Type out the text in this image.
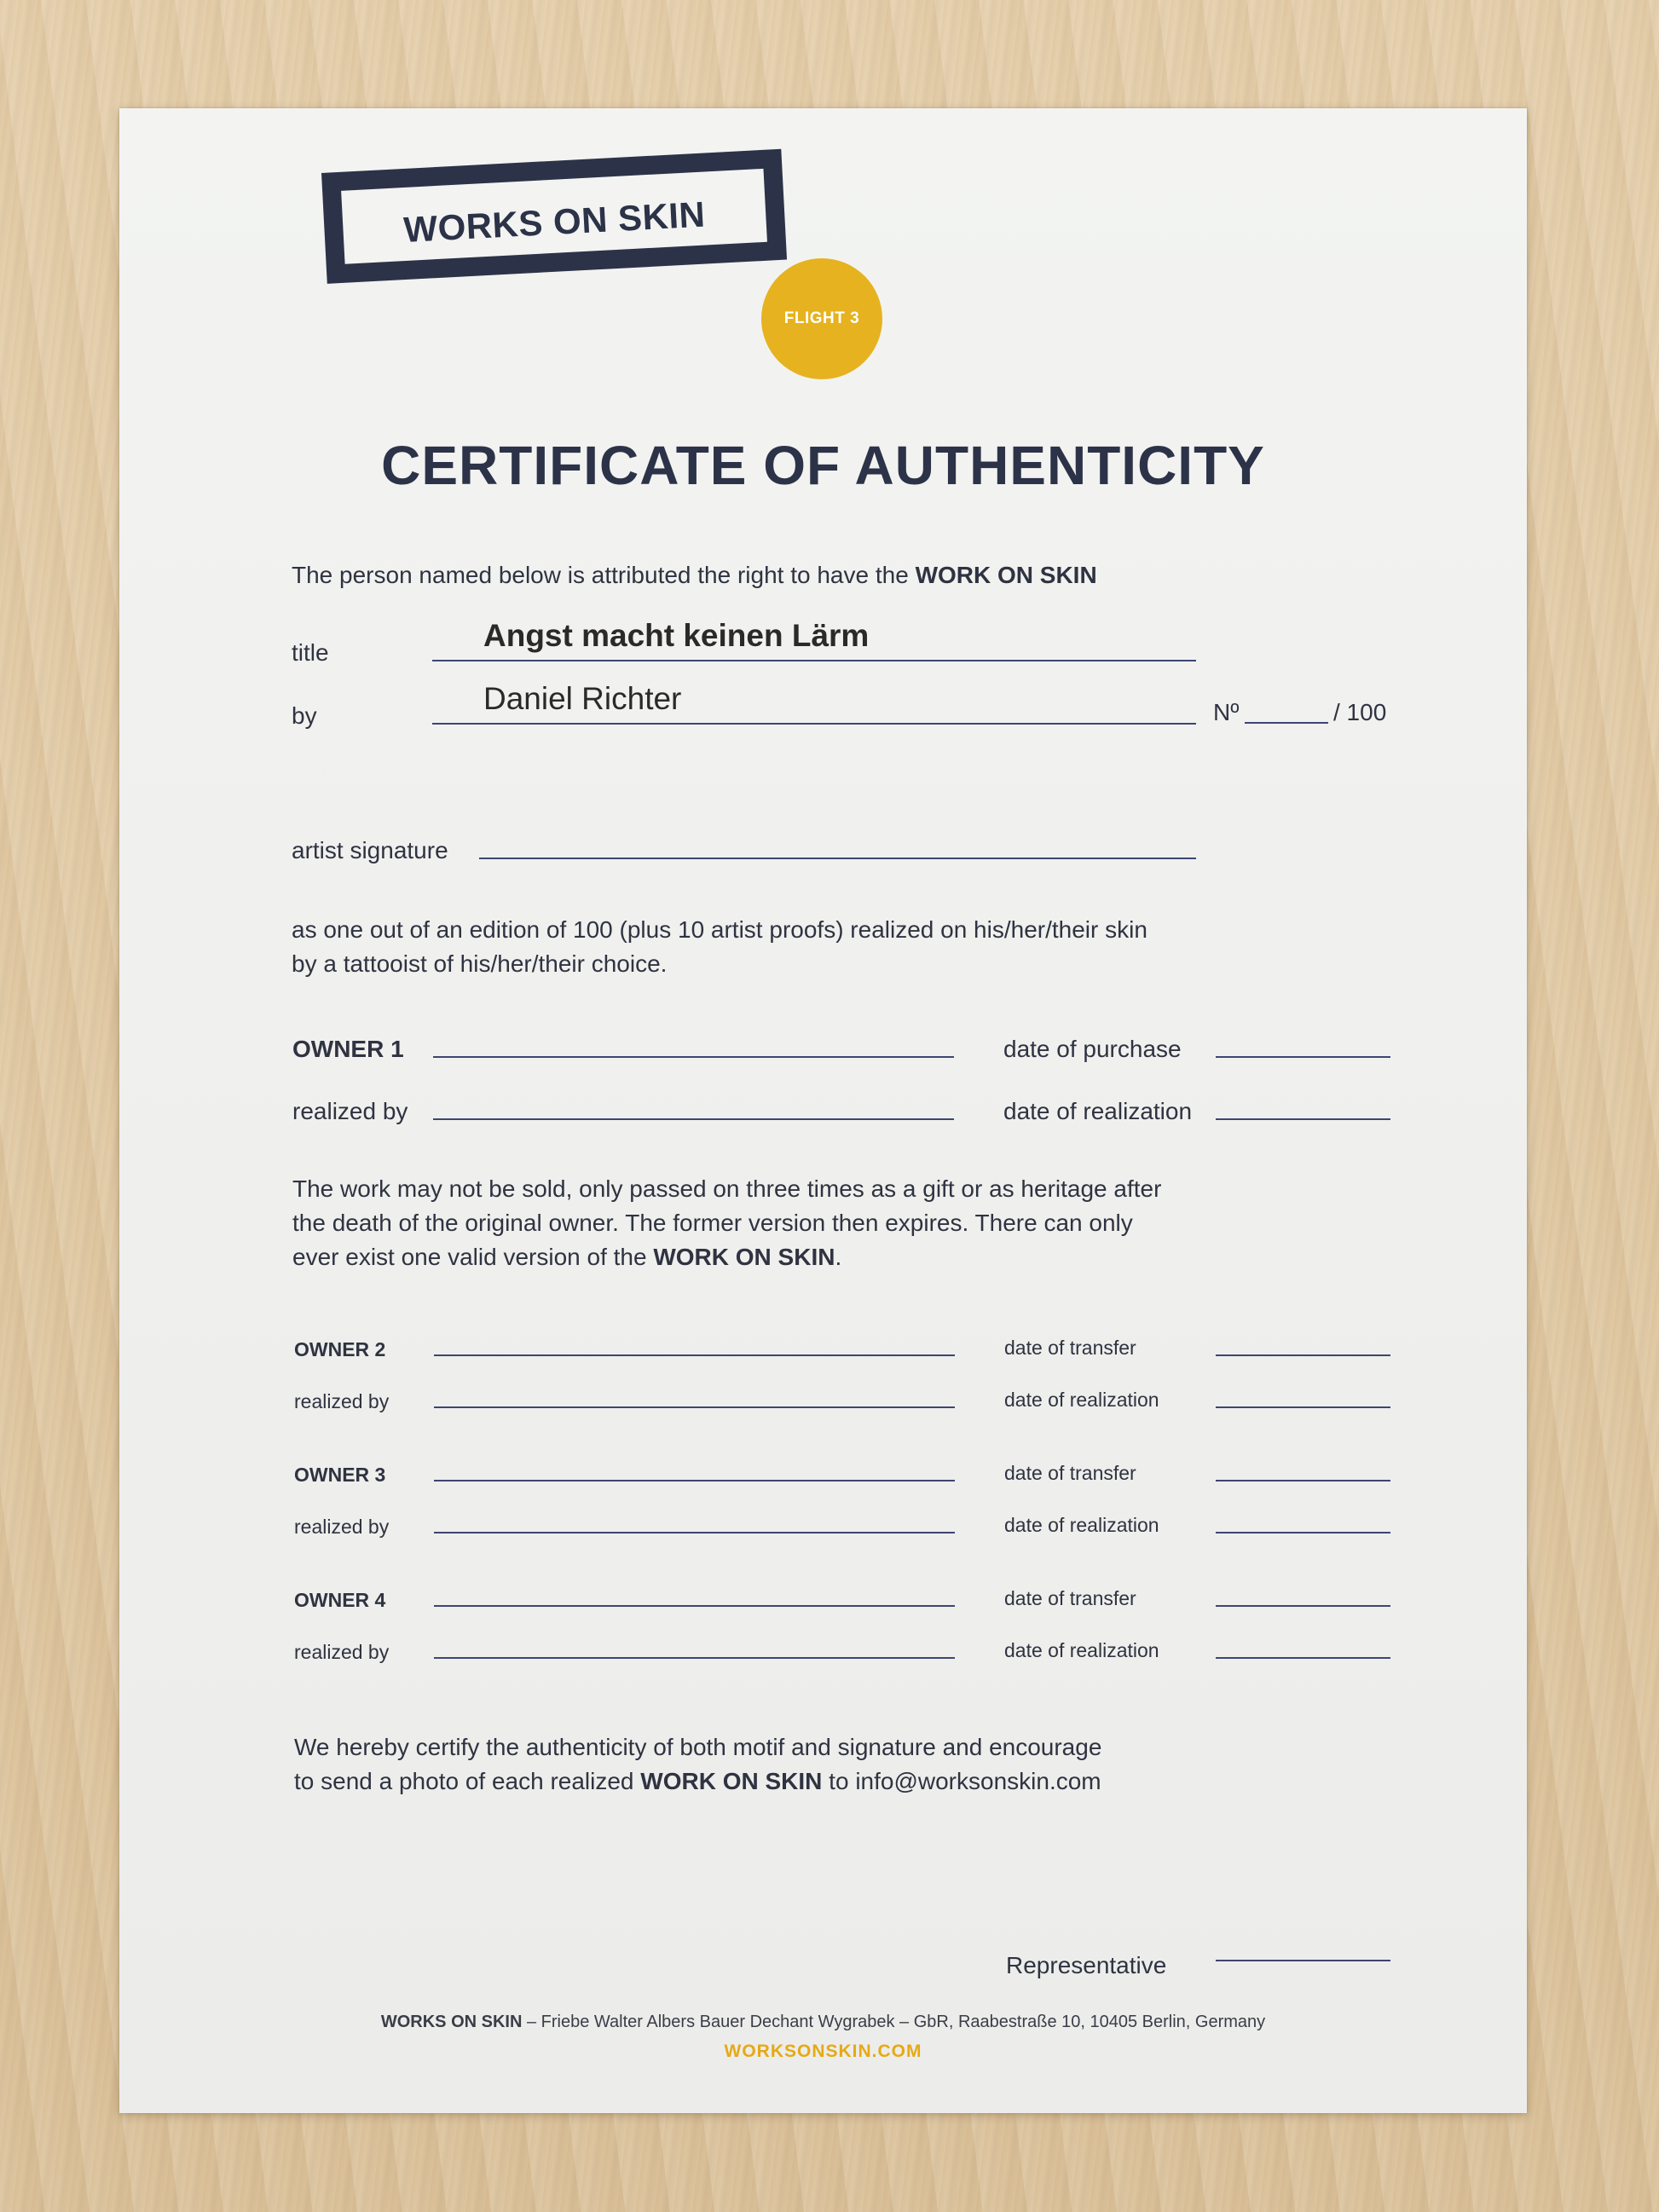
WORKS ON SKIN
FLIGHT 3
CERTIFICATE OF AUTHENTICITY
The person named below is attributed the right to have the WORK ON SKIN
title	Angst macht keinen Lärm
by	Daniel Richter	Nº	/ 100
artist signature
as one out of an edition of 100 (plus 10 artist proofs) realized on his/her/their skin
by a tattooist of his/her/their choice.
OWNER 1	date of purchase
realized by	date of realization
The work may not be sold, only passed on three times as a gift or as heritage after
the death of the original owner. The former version then expires. There can only
ever exist one valid version of the WORK ON SKIN.
OWNER 2	date of transfer
realized by	date of realization
OWNER 3	date of transfer
realized by	date of realization
OWNER 4	date of transfer
realized by	date of realization
We hereby certify the authenticity of both motif and signature and encourage
to send a photo of each realized WORK ON SKIN to info@worksonskin.com
Representative
WORKS ON SKIN – Friebe Walter Albers Bauer Dechant Wygrabek – GbR, Raabestraße 10, 10405 Berlin, Germany
WORKSONSKIN.COM
